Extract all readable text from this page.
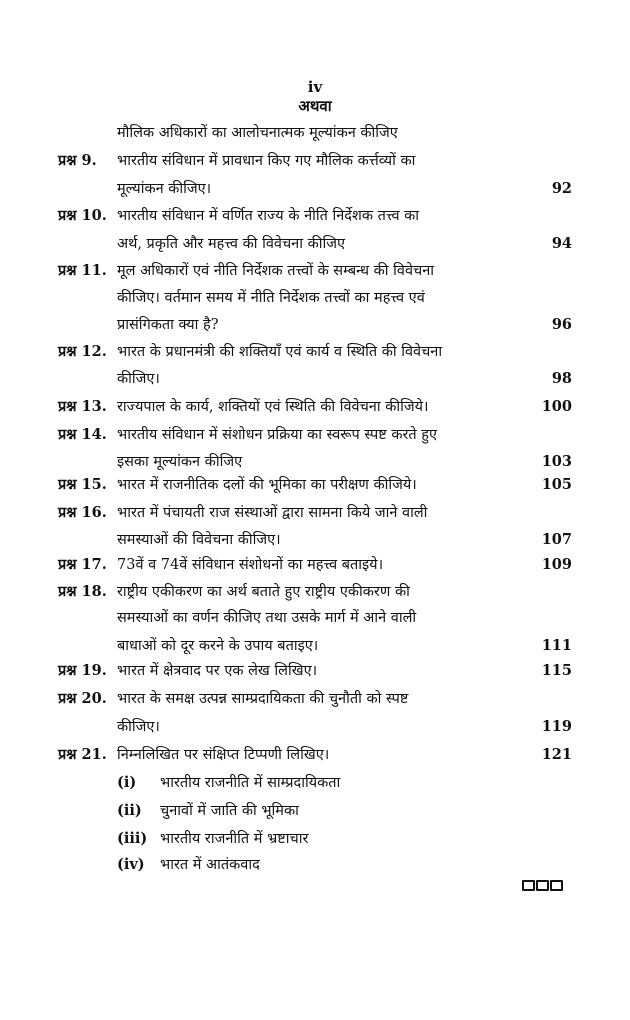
iv
अथवा
मौलिक अधिकारों का आलोचनात्मक मूल्यांकन कीजिए
प्रश्न 9. भारतीय संविधान में प्रावधान किए गए मौलिक कर्त्तव्यों का
मूल्यांकन कीजिए।	92
प्रश्न 10. भारतीय संविधान में वर्णित राज्य के नीति निर्देशक तत्त्व का
अर्थ, प्रकृति और महत्त्व की विवेचना कीजिए	94
प्रश्न 11. मूल अधिकारों एवं नीति निर्देशक तत्त्वों के सम्बन्ध की विवेचना
कीजिए। वर्तमान समय में नीति निर्देशक तत्त्वों का महत्त्व एवं
प्रासंगिकता क्या है?	96
प्रश्न 12. भारत के प्रधानमंत्री की शक्तियाँ एवं कार्य व स्थिति की विवेचना
कीजिए।	98
प्रश्न 13. राज्यपाल के कार्य, शक्तियों एवं स्थिति की विवेचना कीजिये।	100
प्रश्न 14. भारतीय संविधान में संशोधन प्रक्रिया का स्वरूप स्पष्ट करते हुए
इसका मूल्यांकन कीजिए	103
प्रश्न 15. भारत में राजनीतिक दलों की भूमिका का परीक्षण कीजिये।	105
प्रश्न 16. भारत में पंचायती राज संस्थाओं द्वारा सामना किये जाने वाली
समस्याओं की विवेचना कीजिए।	107
प्रश्न 17. 73वें व 74वें संविधान संशोधनों का महत्त्व बताइये।	109
प्रश्न 18. राष्ट्रीय एकीकरण का अर्थ बताते हुए राष्ट्रीय एकीकरण की
समस्याओं का वर्णन कीजिए तथा उसके मार्ग में आने वाली
बाधाओं को दूर करने के उपाय बताइए।	111
प्रश्न 19. भारत में क्षेत्रवाद पर एक लेख लिखिए।	115
प्रश्न 20. भारत के समक्ष उत्पन्न साम्प्रदायिकता की चुनौती को स्पष्ट
कीजिए।	119
प्रश्न 21. निम्नलिखित पर संक्षिप्त टिप्पणी लिखिए।	121
(i) भारतीय राजनीति में साम्प्रदायिकता
(ii) चुनावों में जाति की भूमिका
(iii) भारतीय राजनीति में भ्रष्टाचार
(iv) भारत में आतंकवाद
